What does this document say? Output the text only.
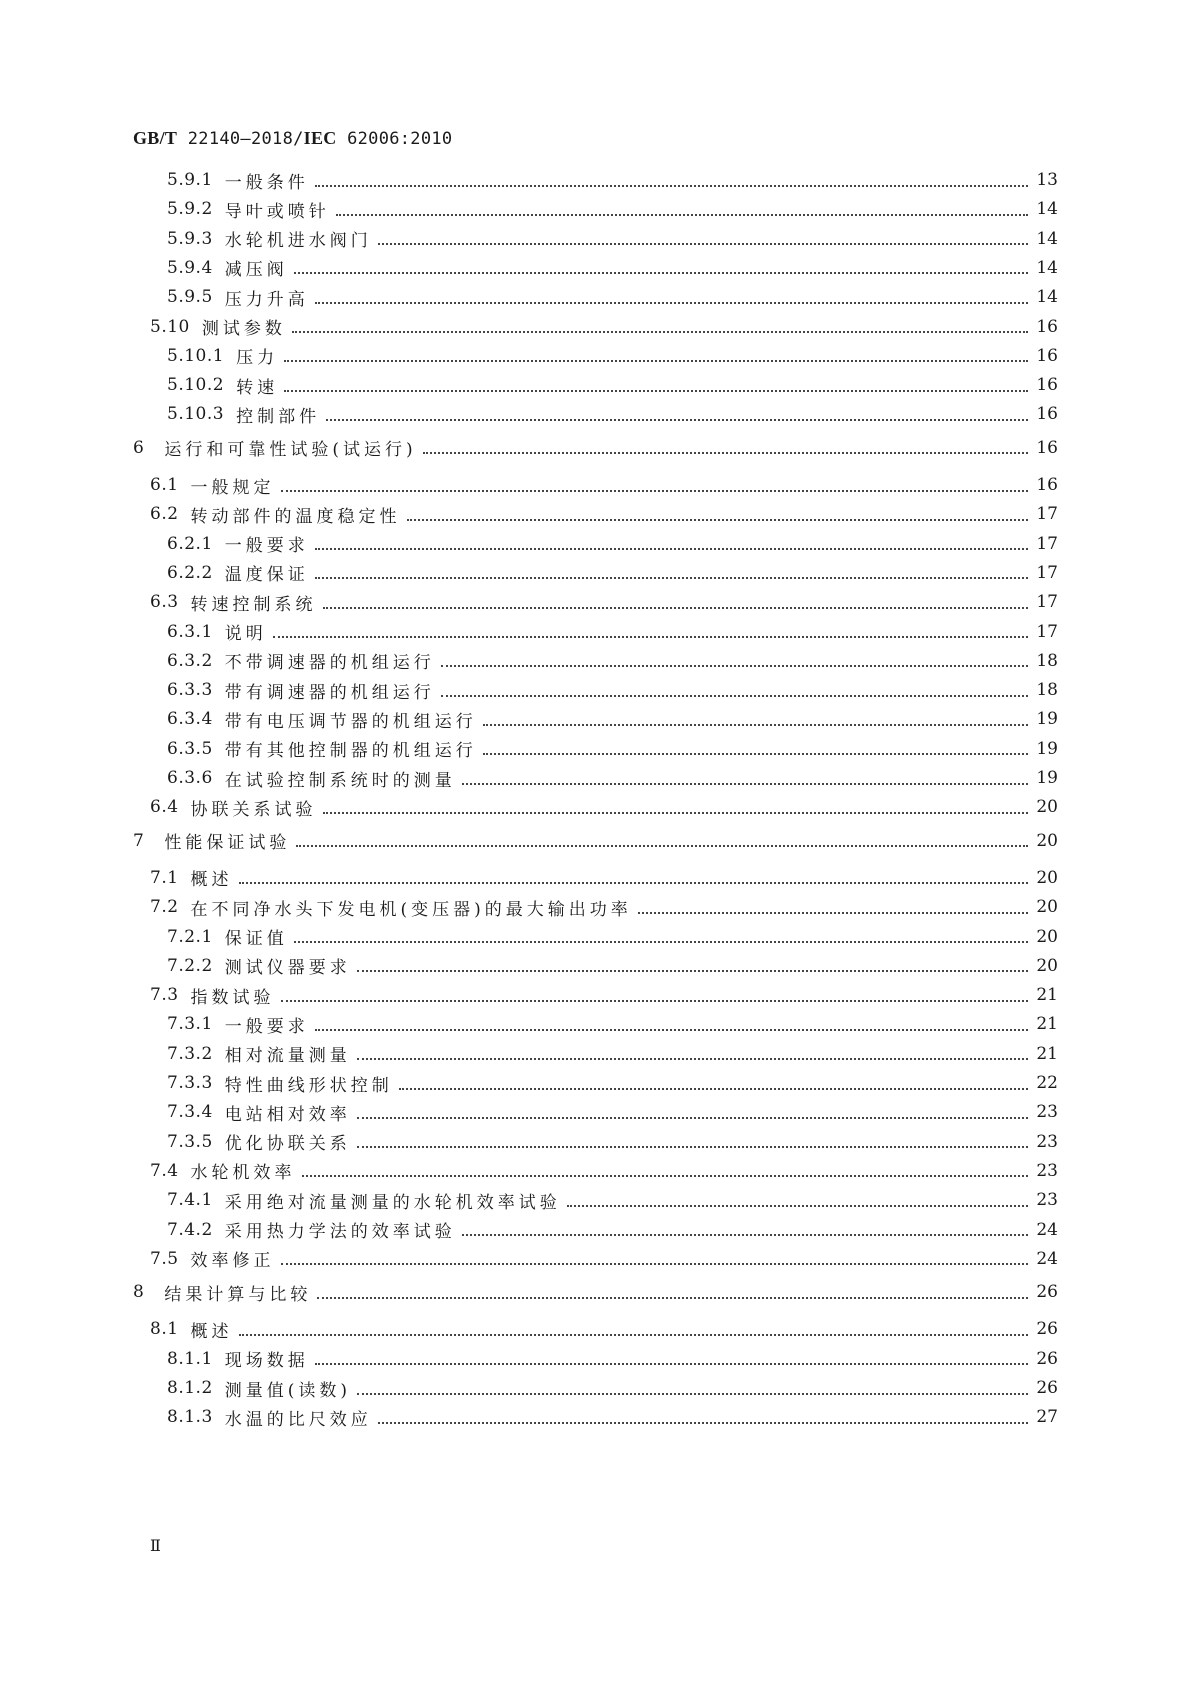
GB/T 22140—2018/IEC 62006:2010
5.9.1 一般条件	13
5.9.2 导叶或喷针	14
5.9.3 水轮机进水阀门	14
5.9.4 减压阀	14
5.9.5 压力升高	14
5.10 测试参数	16
5.10.1 压力	16
5.10.2 转速	16
5.10.3 控制部件	16
6	运行和可靠性试验(试运行)	16
6.1 一般规定	16
6.2 转动部件的温度稳定性	17
6.2.1 一般要求	17
6.2.2 温度保证	17
6.3 转速控制系统	17
6.3.1 说明	17
6.3.2 不带调速器的机组运行	18
6.3.3 带有调速器的机组运行	18
6.3.4 带有电压调节器的机组运行	19
6.3.5 带有其他控制器的机组运行	19
6.3.6 在试验控制系统时的测量	19
6.4 协联关系试验	20
7	性能保证试验	20
7.1 概述	20
7.2 在不同净水头下发电机(变压器)的最大输出功率	20
7.2.1 保证值	20
7.2.2 测试仪器要求	20
7.3 指数试验	21
7.3.1 一般要求	21
7.3.2 相对流量测量	21
7.3.3 特性曲线形状控制	22
7.3.4 电站相对效率	23
7.3.5 优化协联关系	23
7.4 水轮机效率	23
7.4.1 采用绝对流量测量的水轮机效率试验	23
7.4.2 采用热力学法的效率试验	24
7.5 效率修正	24
8	结果计算与比较	26
8.1 概述	26
8.1.1 现场数据	26
8.1.2 测量值(读数)	26
8.1.3 水温的比尺效应	27
Ⅱ
